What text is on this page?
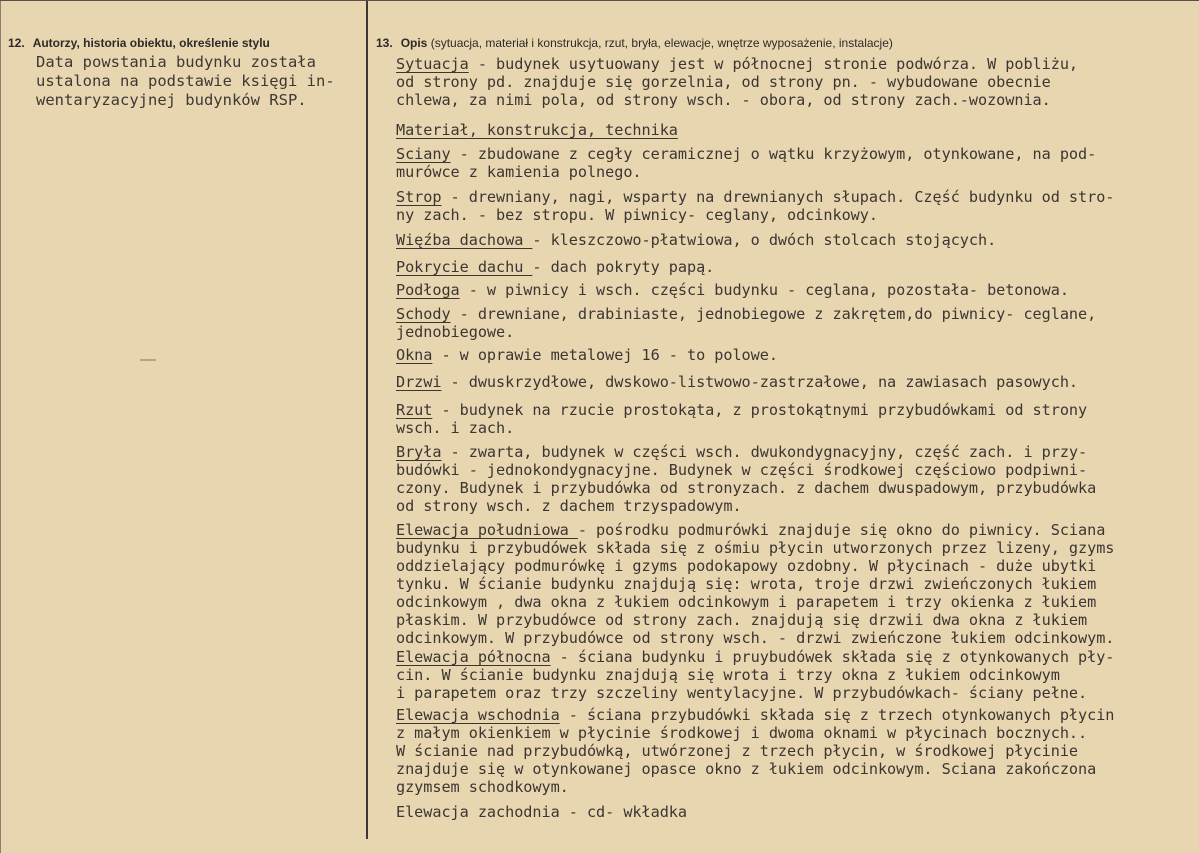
12. Autorzy, historia obiektu, określenie stylu	13. Opis (sytuacja, materiał i konstrukcja, rzut, bryła, elewacje, wnętrze wyposażenie, instalacje)
Data powstania budynku została
ustalona na podstawie księgi in-
wentaryzacyjnej budynków RSP.
Sytuacja - budynek usytuowany jest w północnej stronie podwórza. W pobliżu,
od strony pd. znajduje się gorzelnia, od strony pn. - wybudowane obecnie
chlewa, za nimi pola, od strony wsch. - obora, od strony zach.-wozownia.
Materiał, konstrukcja, technika
Sciany - zbudowane z cegły ceramicznej o wątku krzyżowym, otynkowane, na pod-
murówce z kamienia polnego.
Strop - drewniany, nagi, wsparty na drewnianych słupach. Część budynku od stro-
ny zach. - bez stropu. W piwnicy- ceglany, odcinkowy.
Więźba dachowa - kleszczowo-płatwiowa, o dwóch stolcach stojących.
Pokrycie dachu - dach pokryty papą.
Podłoga - w piwnicy i wsch. części budynku - ceglana, pozostała- betonowa.
Schody - drewniane, drabiniaste, jednobiegowe z zakrętem,do piwnicy- ceglane,
jednobiegowe.
Okna - w oprawie metalowej 16 - to polowe.
Drzwi - dwuskrzydłowe, dwskowo-listwowo-zastrzałowe, na zawiasach pasowych.
Rzut - budynek na rzucie prostokąta, z prostokątnymi przybudówkami od strony
wsch. i zach.
Bryła - zwarta, budynek w części wsch. dwukondygnacyjny, część zach. i przy-
budówki - jednokondygnacyjne. Budynek w części środkowej częściowo podpiwni-
czony. Budynek i przybudówka od stronyzach. z dachem dwuspadowym, przybudówka
od strony wsch. z dachem trzyspadowym.
Elewacja południowa - pośrodku podmurówki znajduje się okno do piwnicy. Sciana
budynku i przybudówek składa się z ośmiu płycin utworzonych przez lizeny, gzyms
oddzielający podmurówkę i gzyms podokapowy ozdobny. W płycinach - duże ubytki
tynku. W ścianie budynku znajdują się: wrota, troje drzwi zwieńczonych łukiem
odcinkowym , dwa okna z łukiem odcinkowym i parapetem i trzy okienka z łukiem
płaskim. W przybudówce od strony zach. znajdują się drzwii dwa okna z łukiem
odcinkowym. W przybudówce od strony wsch. - drzwi zwieńczone łukiem odcinkowym.
Elewacja północna - ściana budynku i pruybudówek składa się z otynkowanych pły-
cin. W ścianie budynku znajdują się wrota i trzy okna z łukiem odcinkowym
i parapetem oraz trzy szczeliny wentylacyjne. W przybudówkach- ściany pełne.
Elewacja wschodnia - ściana przybudówki składa się z trzech otynkowanych płycin
z małym okienkiem w płycinie środkowej i dwoma oknami w płycinach bocznych..
W ścianie nad przybudówką, utwórzonej z trzech płycin, w środkowej płycinie
znajduje się w otynkowanej opasce okno z łukiem odcinkowym. Sciana zakończona
gzymsem schodkowym.
Elewacja zachodnia - cd- wkładka
